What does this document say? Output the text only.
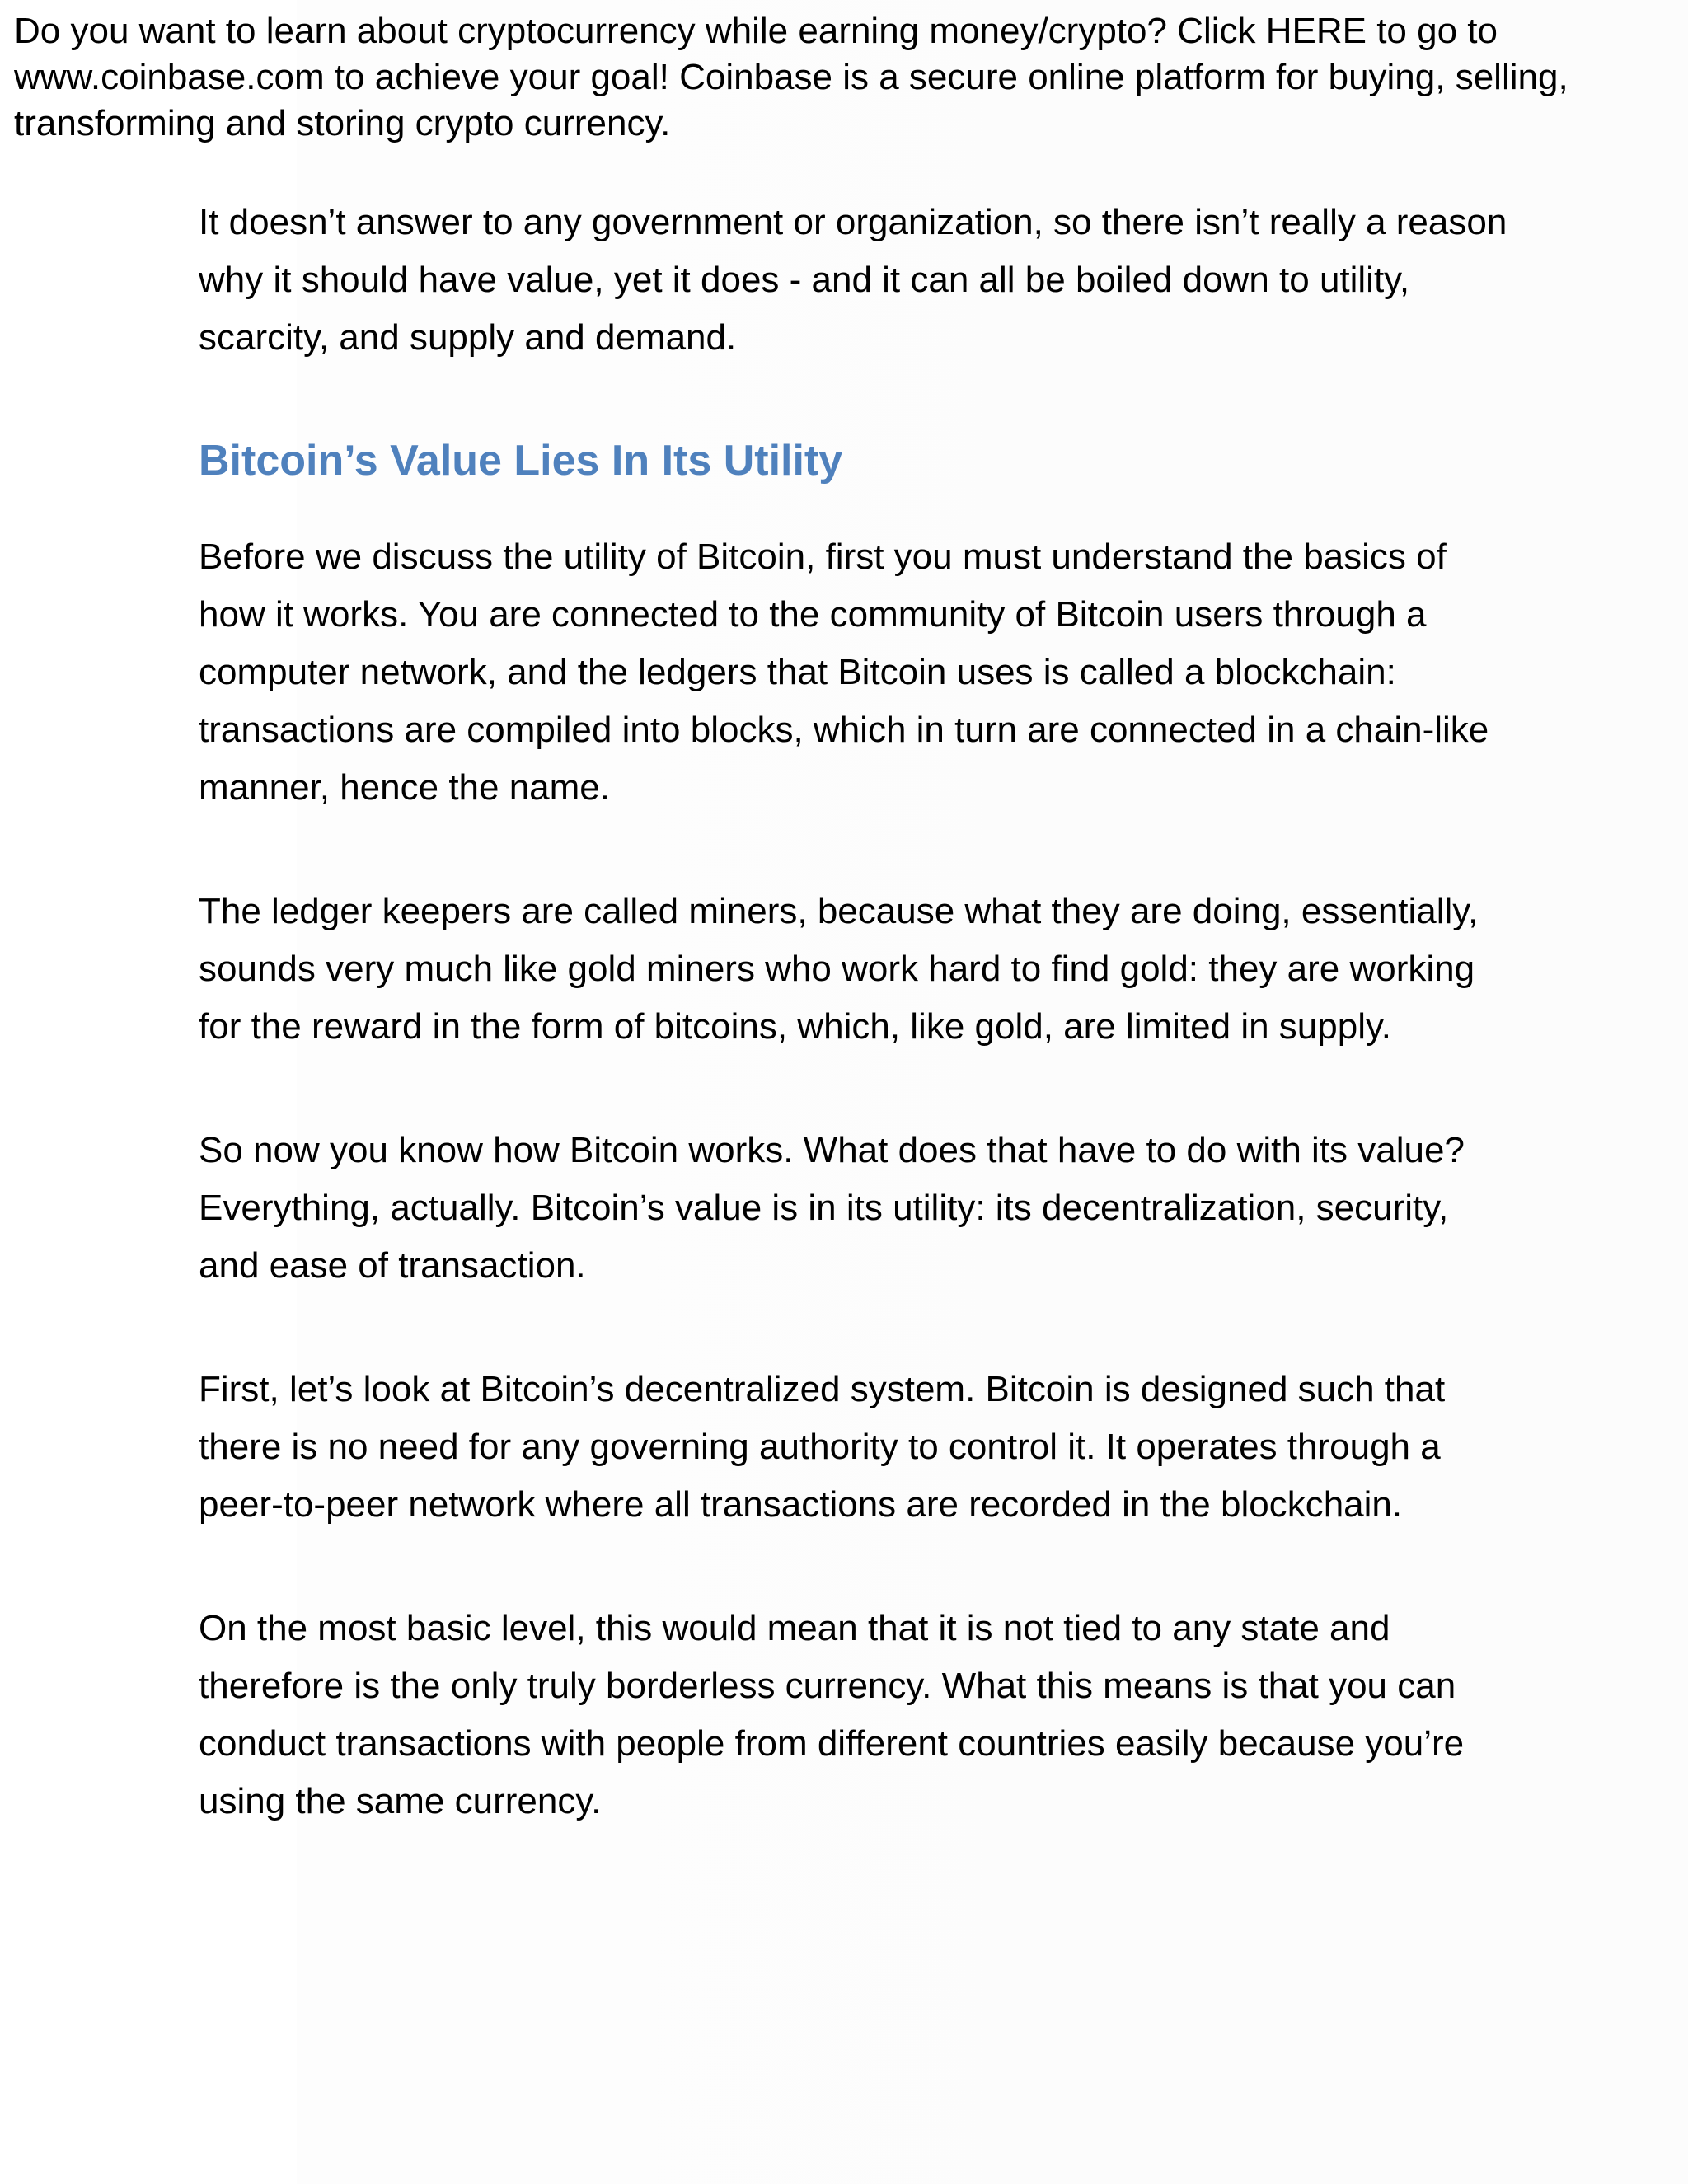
Do you want to learn about cryptocurrency while earning money/crypto? Click HERE to go to www.coinbase.com to achieve your goal! Coinbase is a secure online platform for buying, selling, transforming and storing crypto currency.

It doesn’t answer to any government or organization, so there isn’t really a reason why it should have value, yet it does - and it can all be boiled down to utility, scarcity, and supply and demand.

Bitcoin’s Value Lies In Its Utility

Before we discuss the utility of Bitcoin, first you must understand the basics of how it works. You are connected to the community of Bitcoin users through a computer network, and the ledgers that Bitcoin uses is called a blockchain: transactions are compiled into blocks, which in turn are connected in a chain-like manner, hence the name.

The ledger keepers are called miners, because what they are doing, essentially, sounds very much like gold miners who work hard to find gold: they are working for the reward in the form of bitcoins, which, like gold, are limited in supply.

So now you know how Bitcoin works. What does that have to do with its value? Everything, actually. Bitcoin’s value is in its utility: its decentralization, security, and ease of transaction.

First, let’s look at Bitcoin’s decentralized system. Bitcoin is designed such that there is no need for any governing authority to control it. It operates through a peer-to-peer network where all transactions are recorded in the blockchain.

On the most basic level, this would mean that it is not tied to any state and therefore is the only truly borderless currency. What this means is that you can conduct transactions with people from different countries easily because you’re using the same currency.
